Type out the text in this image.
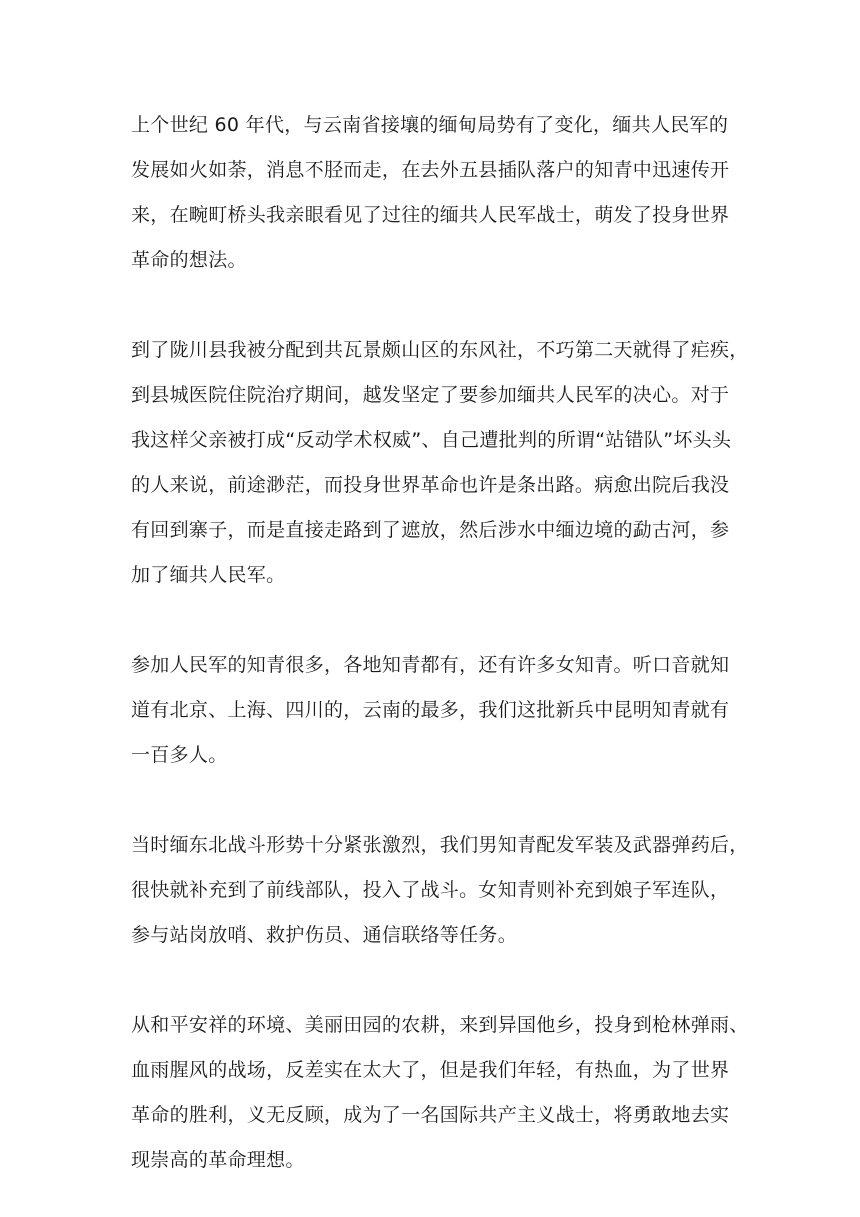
上个世纪 60 年代，与云南省接壤的缅甸局势有了变化，缅共人民军的
发展如火如荼，消息不胫而走，在去外五县插队落户的知青中迅速传开
来，在畹町桥头我亲眼看见了过往的缅共人民军战士，萌发了投身世界
革命的想法。
到了陇川县我被分配到共瓦景颇山区的东风社，不巧第二天就得了疟疾，
到县城医院住院治疗期间，越发坚定了要参加缅共人民军的决心。对于
我这样父亲被打成“反动学术权威”、自己遭批判的所谓“站错队”坏头头
的人来说，前途渺茫，而投身世界革命也许是条出路。病愈出院后我没
有回到寨子，而是直接走路到了遮放，然后涉水中缅边境的勐古河，参
加了缅共人民军。
参加人民军的知青很多，各地知青都有，还有许多女知青。听口音就知
道有北京、上海、四川的，云南的最多，我们这批新兵中昆明知青就有
一百多人。
当时缅东北战斗形势十分紧张激烈，我们男知青配发军装及武器弹药后，
很快就补充到了前线部队，投入了战斗。女知青则补充到娘子军连队，
参与站岗放哨、救护伤员、通信联络等任务。
从和平安祥的环境、美丽田园的农耕，来到异国他乡，投身到枪林弹雨、
血雨腥风的战场，反差实在太大了，但是我们年轻，有热血，为了世界
革命的胜利，义无反顾，成为了一名国际共产主义战士，将勇敢地去实
现崇高的革命理想。
